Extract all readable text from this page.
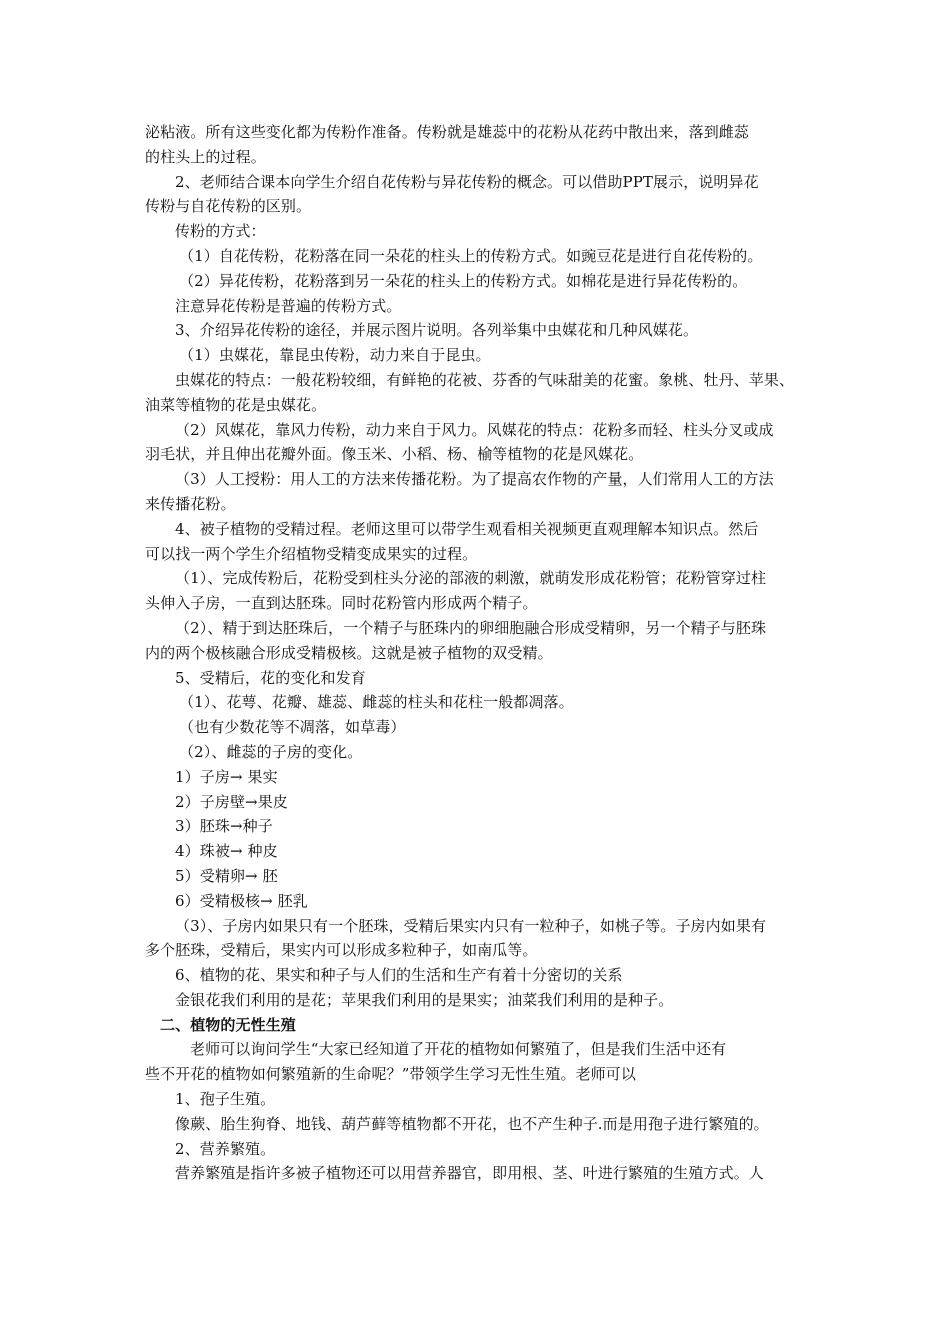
泌粘液。所有这些变化都为传粉作准备。传粉就是雄蕊中的花粉从花药中散出来，落到雌蕊
的柱头上的过程。
2、老师结合课本向学生介绍自花传粉与异花传粉的概念。可以借助PPT展示，说明异花
传粉与自花传粉的区别。
传粉的方式：
（1）自花传粉，花粉落在同一朵花的柱头上的传粉方式。如豌豆花是进行自花传粉的。
（2）异花传粉，花粉落到另一朵花的柱头上的传粉方式。如棉花是进行异花传粉的。
注意异花传粉是普遍的传粉方式。
3、介绍异花传粉的途径，并展示图片说明。各列举集中虫媒花和几种风媒花。
（1）虫媒花，靠昆虫传粉，动力来自于昆虫。
虫媒花的特点：一般花粉较细，有鲜艳的花被、芬香的气味甜美的花蜜。象桃、牡丹、苹果、
油菜等植物的花是虫媒花。
（2）风媒花，靠风力传粉，动力来自于风力。风媒花的特点：花粉多而轻、柱头分叉或成
羽毛状，并且伸出花瓣外面。像玉米、小稻、杨、榆等植物的花是风媒花。
（3）人工授粉：用人工的方法来传播花粉。为了提高农作物的产量，人们常用人工的方法
来传播花粉。
4、被子植物的受精过程。老师这里可以带学生观看相关视频更直观理解本知识点。然后
可以找一两个学生介绍植物受精变成果实的过程。
（1）、完成传粉后，花粉受到柱头分泌的部液的刺激，就萌发形成花粉管；花粉管穿过柱
头伸入子房，一直到达胚珠。同时花粉管内形成两个精子。
（2）、精于到达胚珠后，一个精子与胚珠内的卵细胞融合形成受精卵，另一个精子与胚珠
内的两个极核融合形成受精极核。这就是被子植物的双受精。
5、受精后，花的变化和发育
（1）、花萼、花瓣、雄蕊、雌蕊的柱头和花柱一般都凋落。
（也有少数花等不凋落，如草毒）
（2）、雌蕊的子房的变化。
1）子房→ 果实
2）子房壁→果皮
3）胚珠→种子
4）珠被→ 种皮
5）受精卵→ 胚
6）受精极核→ 胚乳
（3）、子房内如果只有一个胚珠，受精后果实内只有一粒种子，如桃子等。子房内如果有
多个胚珠，受精后，果实内可以形成多粒种子，如南瓜等。
6、植物的花、果实和种子与人们的生活和生产有着十分密切的关系
金银花我们利用的是花；苹果我们利用的是果实；油菜我们利用的是种子。
二、植物的无性生殖
老师可以询问学生“大家已经知道了开花的植物如何繁殖了，但是我们生活中还有
些不开花的植物如何繁殖新的生命呢？”带领学生学习无性生殖。老师可以
1、孢子生殖。
像蕨、胎生狗脊、地钱、葫芦藓等植物都不开花，也不产生种子.而是用孢子进行繁殖的。
2、营养繁殖。
营养繁殖是指许多被子植物还可以用营养器官，即用根、茎、叶进行繁殖的生殖方式。人
